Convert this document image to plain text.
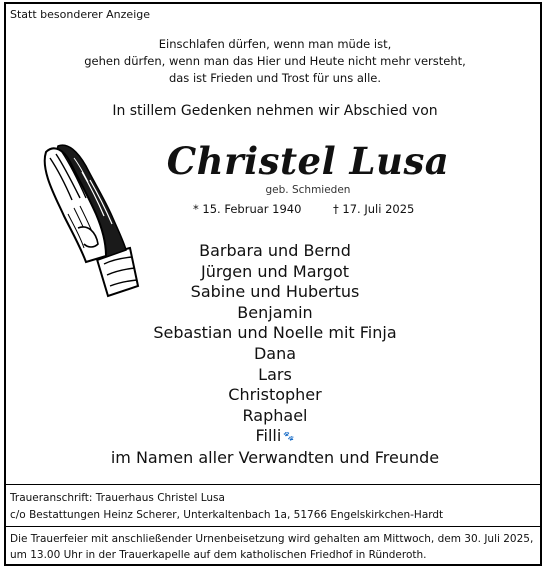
Statt besonderer Anzeige
Einschlafen dürfen, wenn man müde ist,
gehen dürfen, wenn man das Hier und Heute nicht mehr versteht,
das ist Frieden und Trost für uns alle.
In stillem Gedenken nehmen wir Abschied von
Christel Lusa
geb. Schmieden
* 15. Februar 1940	† 17. Juli 2025
Barbara und Bernd
Jürgen und Margot
Sabine und Hubertus
Benjamin
Sebastian und Noelle mit Finja
Dana
Lars
Christopher
Raphael
Filli 🐾
im Namen aller Verwandten und Freunde
Traueranschrift: Trauerhaus Christel Lusa
c/o Bestattungen Heinz Scherer, Unterkaltenbach 1a, 51766 Engelskirkchen-Hardt
Die Trauerfeier mit anschließender Urnenbeisetzung wird gehalten am Mittwoch, dem 30. Juli 2025,
um 13.00 Uhr in der Trauerkapelle auf dem katholischen Friedhof in Ründeroth.
